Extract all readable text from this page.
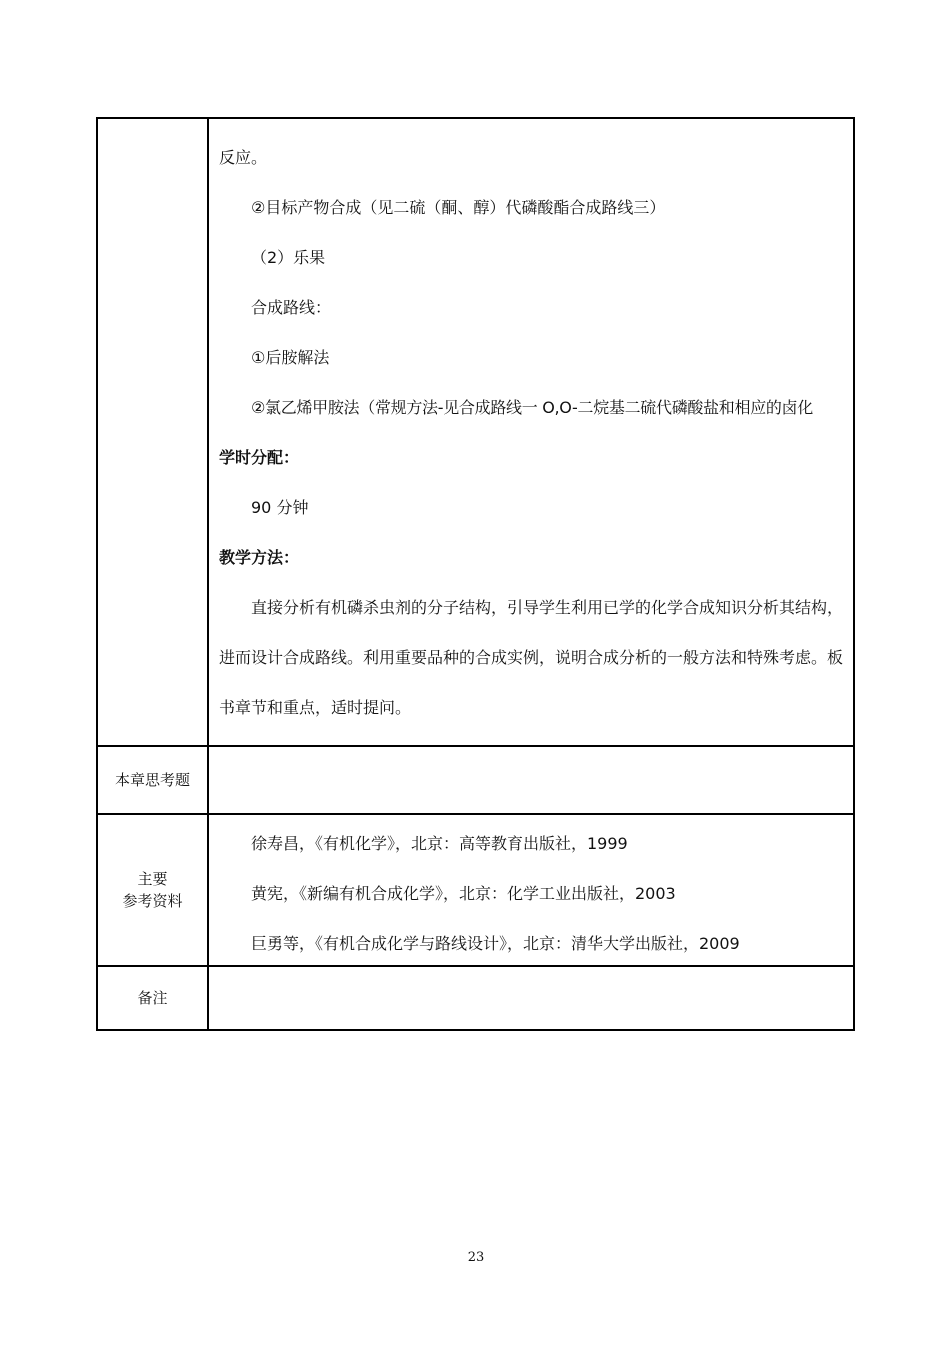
反应。
②目标产物合成（见二硫（酮、醇）代磷酸酯合成路线三）
（2）乐果
合成路线：
①后胺解法
②氯乙烯甲胺法（常规方法-见合成路线一 O,O-二烷基二硫代磷酸盐和相应的卤化
学时分配：
90 分钟
教学方法：
直接分析有机磷杀虫剂的分子结构，引导学生利用已学的化学合成知识分析其结构，进而设计合成路线。利用重要品种的合成实例，说明合成分析的一般方法和特殊考虑。板书章节和重点，适时提问。
本章思考题
主要
参考资料
徐寿昌，《有机化学》，北京：高等教育出版社，1999
黄宪，《新编有机合成化学》，北京：化学工业出版社，2003
巨勇等，《有机合成化学与路线设计》，北京：清华大学出版社，2009
备注
23
